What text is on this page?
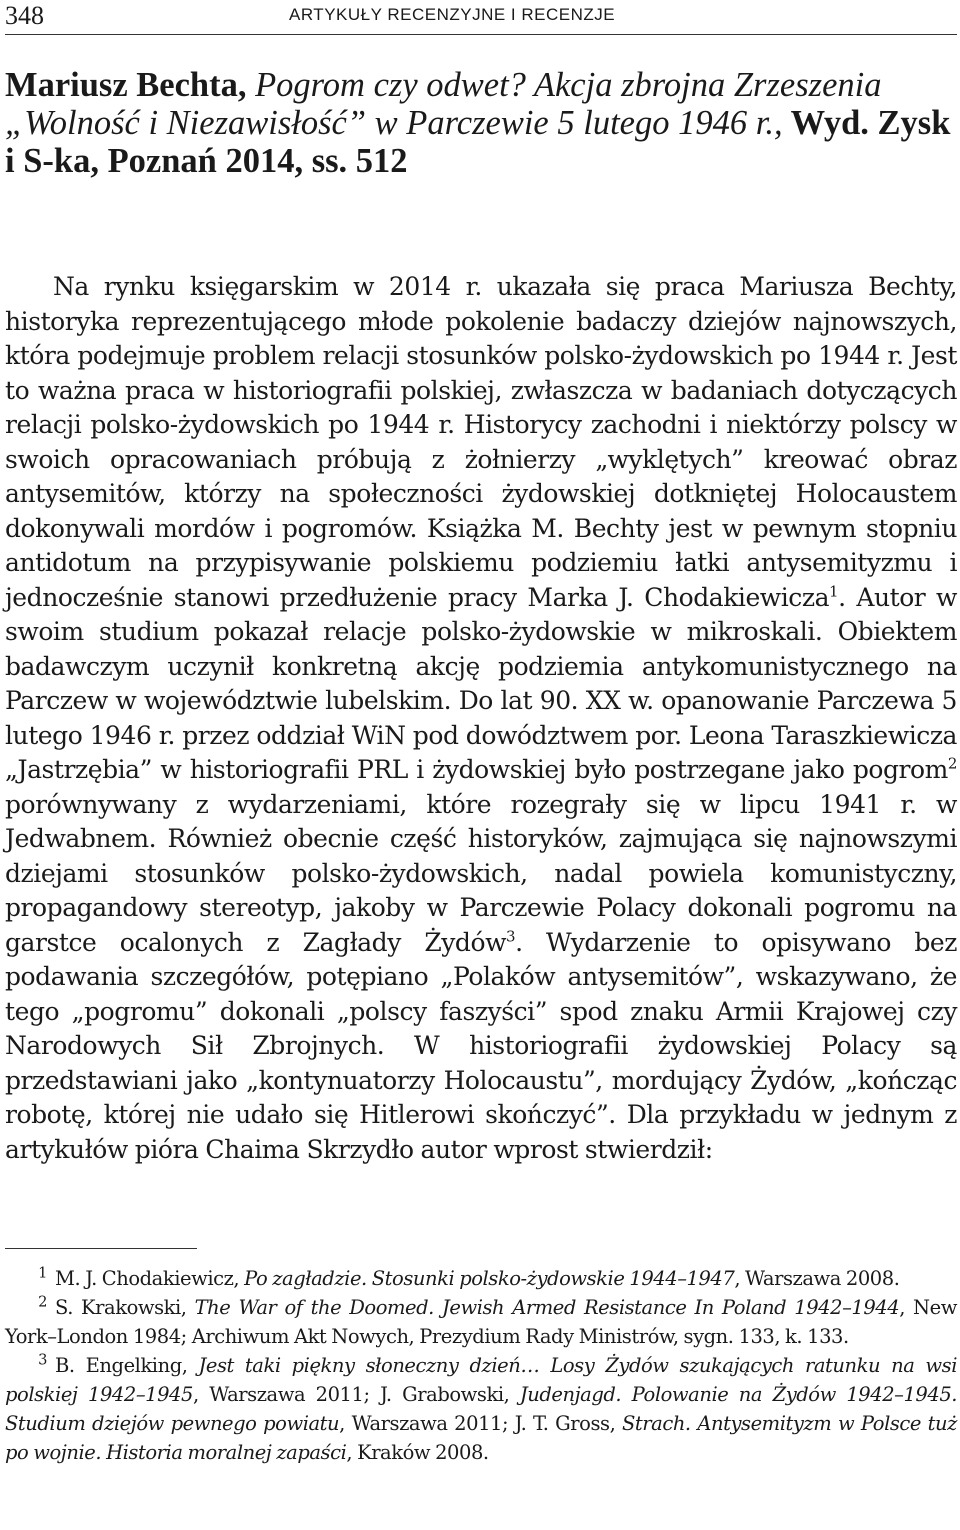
348	ARTYKUŁY RECENZYJNE I RECENZJE
Mariusz Bechta, Pogrom czy odwet? Akcja zbrojna Zrzeszenia „Wolność i Niezawisłość” w Parczewie 5 lutego 1946 r., Wyd. Zysk i S-ka, Poznań 2014, ss. 512

Na rynku księgarskim w 2014 r. ukazała się praca Mariusza Bechty, historyka reprezentującego młode pokolenie badaczy dziejów najnowszych, która podejmuje problem relacji stosunków polsko-żydowskich po 1944 r. Jest to ważna praca w historiografii polskiej, zwłaszcza w badaniach dotyczących relacji polsko-żydowskich po 1944 r. Historycy zachodni i niektórzy polscy w swoich opracowaniach próbują z żołnierzy „wyklętych” kreować obraz antysemitów, którzy na społeczności żydowskiej dotkniętej Holocaustem dokonywali mordów i pogromów. Książka M. Bechty jest w pewnym stopniu antidotum na przypisywanie polskiemu podziemiu łatki antysemityzmu i jednocześnie stanowi przedłużenie pracy Marka J. Chodakiewicza$^1$. Autor w swoim studium pokazał relacje polsko-żydowskie w mikroskali. Obiektem badawczym uczynił konkretną akcję podziemia antykomunistycznego na Parczew w województwie lubelskim. Do lat 90. XX w. opanowanie Parczewa 5 lutego 1946 r. przez oddział WiN pod dowództwem por. Leona Taraszkiewicza „Jastrzębia” w historiografii PRL i żydowskiej było postrzegane jako pogrom$^2$ porównywany z wydarzeniami, które rozegrały się w lipcu 1941 r. w Jedwabnem. Również obecnie część historyków, zajmująca się najnowszymi dziejami stosunków polsko-żydowskich, nadal powiela komunistyczny, propagandowy stereotyp, jakoby w Parczewie Polacy dokonali pogromu na garstce ocalonych z Zagłady Żydów$^3$. Wydarzenie to opisywano bez podawania szczegółów, potępiano „Polaków antysemitów”, wskazywano, że tego „pogromu” dokonali „polscy faszyści” spod znaku Armii Krajowej czy Narodowych Sił Zbrojnych. W historiografii żydowskiej Polacy są przedstawiani jako „kontynuatorzy Holocaustu”, mordujący Żydów, „kończąc robotę, której nie udało się Hitlerowi skończyć”. Dla przykładu w jednym z artykułów pióra Chaima Skrzydło autor wprost stwierdził:

$^1$ M. J. Chodakiewicz, Po zagładzie. Stosunki polsko-żydowskie 1944–1947, Warszawa 2008.

$^2$ S. Krakowski, The War of the Doomed. Jewish Armed Resistance In Poland 1942–1944, New York–London 1984; Archiwum Akt Nowych, Prezydium Rady Ministrów, sygn. 133, k. 133.

$^3$ B. Engelking, Jest taki piękny słoneczny dzień… Losy Żydów szukających ratunku na wsi polskiej 1942–1945, Warszawa 2011; J. Grabowski, Judenjagd. Polowanie na Żydów 1942–1945. Studium dziejów pewnego powiatu, Warszawa 2011; J. T. Gross, Strach. Antysemityzm w Polsce tuż po wojnie. Historia moralnej zapaści, Kraków 2008.
